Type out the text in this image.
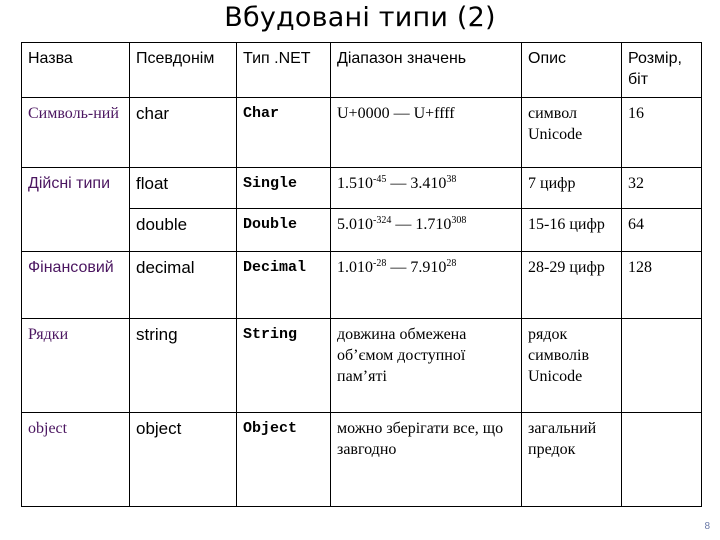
Вбудовані типи (2)
Назва	Псевдонім	Тип .NET	Діапазон значень	Опис	Розмір, біт
Символь-ний	char	Char	U+0000 — U+ffff	символ Unicode	16
Дійсні типи	float	Single	$1.510^{-45}$ — 3.410$^{38}$	7 цифр	32
	double	Double	$5.010^{-324}$ — 1.710$^{308}$	15-16 цифр	64
Фінансовий	decimal	Decimal	$1.010^{-28}$ — 7.910$^{28}$	28-29 цифр	128
Рядки	string	String	довжина обмежена об’ємом доступної пам’яті	рядок символів Unicode	
object	object	Object	можно зберігати все, що завгодно	загальний предок	
8
